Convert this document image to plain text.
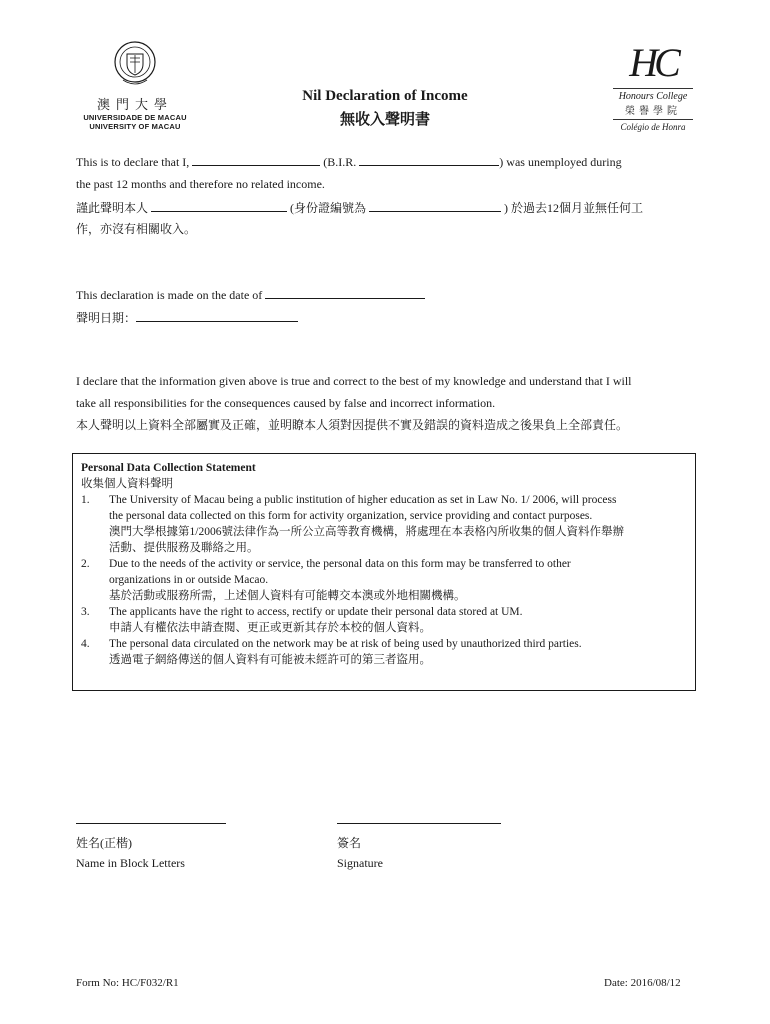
澳門大學
UNIVERSIDADE DE MACAU
UNIVERSITY OF MACAU
HC
Honours College
榮譽學院
Colégio de Honra
Nil Declaration of Income
無收入聲明書
This is to declare that I,	(B.I.R.	) was unemployed during
the past 12 months and therefore no related income.
謹此聲明本人	(身份證編號為	) 於過去12個月並無任何工
作，亦沒有相關收入。
This declaration is made on the date of
聲明日期：
I declare that the information given above is true and correct to the best of my knowledge and understand that I will
take all responsibilities for the consequences caused by false and incorrect information.
本人聲明以上資料全部屬實及正確，並明瞭本人須對因提供不實及錯誤的資料造成之後果負上全部責任。
Personal Data Collection Statement
收集個人資料聲明
1.	The University of Macau being a public institution of higher education as set in Law No. 1/ 2006, will process
the personal data collected on this form for activity organization, service providing and contact purposes.
澳門大學根據第1/2006號法律作為一所公立高等教育機構，將處理在本表格內所收集的個人資料作舉辦
活動、提供服務及聯絡之用。
2.	Due to the needs of the activity or service, the personal data on this form may be transferred to other
organizations in or outside Macao.
基於活動或服務所需，上述個人資料有可能轉交本澳或外地相關機構。
3.	The applicants have the right to access, rectify or update their personal data stored at UM.
申請人有權依法申請查閱、更正或更新其存於本校的個人資料。
4.	The personal data circulated on the network may be at risk of being used by unauthorized third parties.
透過電子網絡傳送的個人資料有可能被未經許可的第三者盜用。
姓名(正楷)
Name in Block Letters
簽名
Signature
Form No: HC/F032/R1	Date: 2016/08/12
